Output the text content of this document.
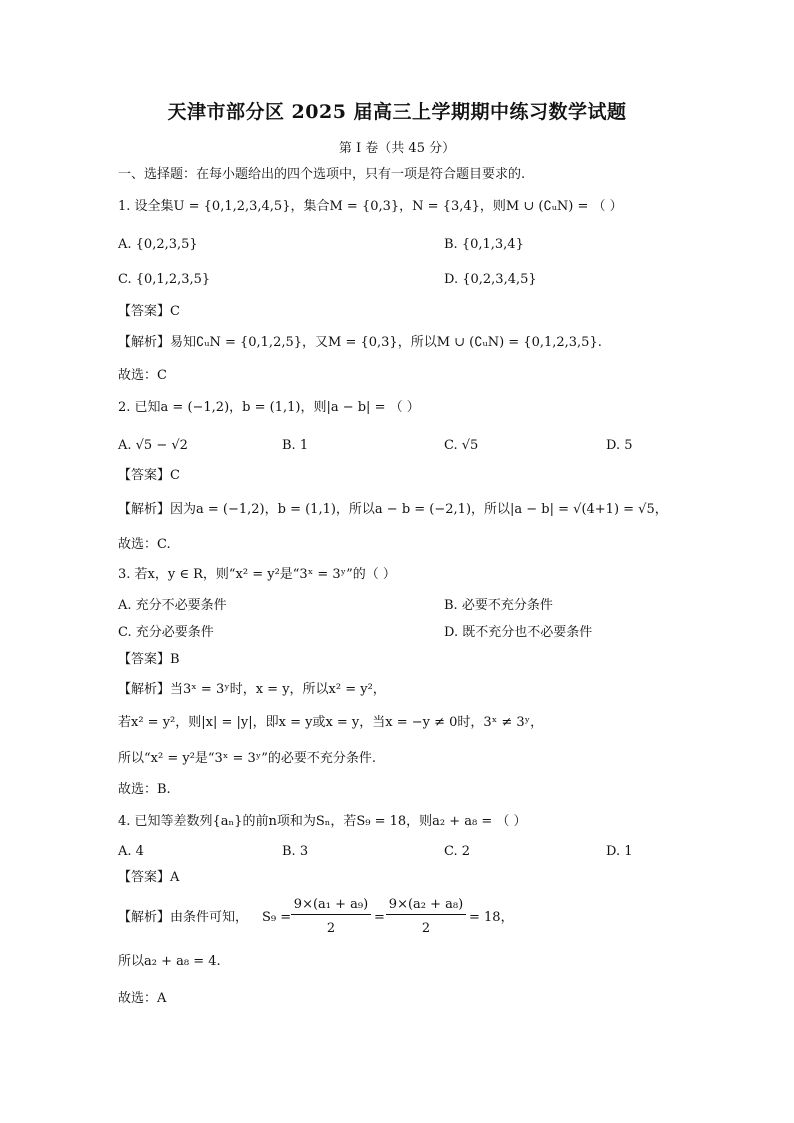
天津市部分区 2025 届高三上学期期中练习数学试题
第 I 卷（共 45 分）
一、选择题：在每小题给出的四个选项中，只有一项是符合题目要求的.
1. 设全集U = {0,1,2,3,4,5}，集合M = {0,3}，N = {3,4}，则M ∪ (∁ᵤN) = （ ）
A. {0,2,3,5}	B. {0,1,3,4}
C. {0,1,2,3,5}	D. {0,2,3,4,5}
【答案】C
【解析】易知∁ᵤN = {0,1,2,5}，又M = {0,3}，所以M ∪ (∁ᵤN) = {0,1,2,3,5}.
故选：C
2. 已知a = (−1,2)，b = (1,1)，则|a − b| = （ ）
A. √5 − √2	B. 1	C. √5	D. 5
【答案】C
【解析】因为a = (−1,2)，b = (1,1)，所以a − b = (−2,1)，所以|a − b| = √(4+1) = √5，
故选：C.
3. 若x，y ∈ R，则“x² = y²是“3ˣ = 3ʸ”的（ ）
A. 充分不必要条件	B. 必要不充分条件
C. 充分必要条件	D. 既不充分也不必要条件
【答案】B
【解析】当3ˣ = 3ʸ时，x = y，所以x² = y²，
若x² = y²，则|x| = |y|，即x = y或x = y，当x = −y ≠ 0时，3ˣ ≠ 3ʸ，
所以“x² = y²是“3ˣ = 3ʸ”的必要不充分条件.
故选：B.
4. 已知等差数列{aₙ}的前n项和为Sₙ，若S₉ = 18，则a₂ + a₈ = （ ）
A. 4	B. 3	C. 2	D. 1
【答案】A
【解析】由条件可知， S₉ =
9×(a₁ + a₉)
2
=
9×(a₂ + a₈)
2
= 18，
所以a₂ + a₈ = 4.
故选：A
